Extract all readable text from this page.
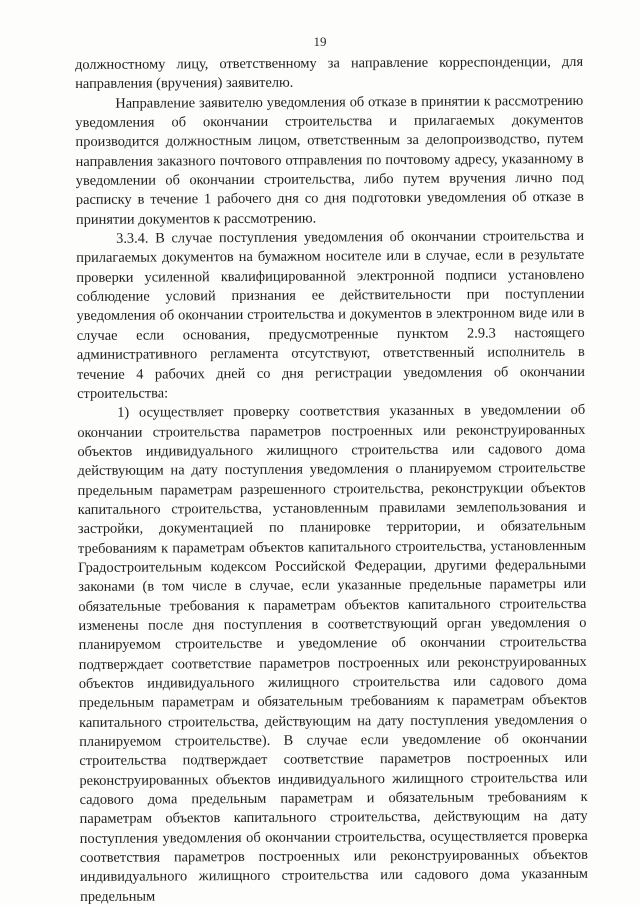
19

должностному лицу, ответственному за направление корреспонденции, для направления (вручения) заявителю.

Направление заявителю уведомления об отказе в принятии к рассмотрению уведомления об окончании строительства и прилагаемых документов производится должностным лицом, ответственным за делопроизводство, путем направления заказного почтового отправления по почтовому адресу, указанному в уведомлении об окончании строительства, либо путем вручения лично под расписку в течение 1 рабочего дня со дня подготовки уведомления об отказе в принятии документов к рассмотрению.

3.3.4. В случае поступления уведомления об окончании строительства и прилагаемых документов на бумажном носителе или в случае, если в результате проверки усиленной квалифицированной электронной подписи установлено соблюдение условий признания ее действительности при поступлении уведомления об окончании строительства и документов в электронном виде или в случае если основания, предусмотренные пунктом 2.9.3 настоящего административного регламента отсутствуют, ответственный исполнитель в течение 4 рабочих дней со дня регистрации уведомления об окончании строительства:

1) осуществляет проверку соответствия указанных в уведомлении об окончании строительства параметров построенных или реконструированных объектов индивидуального жилищного строительства или садового дома действующим на дату поступления уведомления о планируемом строительстве предельным параметрам разрешенного строительства, реконструкции объектов капитального строительства, установленным правилами землепользования и застройки, документацией по планировке территории, и обязательным требованиям к параметрам объектов капитального строительства, установленным Градостроительным кодексом Российской Федерации, другими федеральными законами (в том числе в случае, если указанные предельные параметры или обязательные требования к параметрам объектов капитального строительства изменены после дня поступления в соответствующий орган уведомления о планируемом строительстве и уведомление об окончании строительства подтверждает соответствие параметров построенных или реконструированных объектов индивидуального жилищного строительства или садового дома предельным параметрам и обязательным требованиям к параметрам объектов капитального строительства, действующим на дату поступления уведомления о планируемом строительстве). В случае если уведомление об окончании строительства подтверждает соответствие параметров построенных или реконструированных объектов индивидуального жилищного строительства или садового дома предельным параметрам и обязательным требованиям к параметрам объектов капитального строительства, действующим на дату поступления уведомления об окончании строительства, осуществляется проверка соответствия параметров построенных или реконструированных объектов индивидуального жилищного строительства или садового дома указанным предельным
